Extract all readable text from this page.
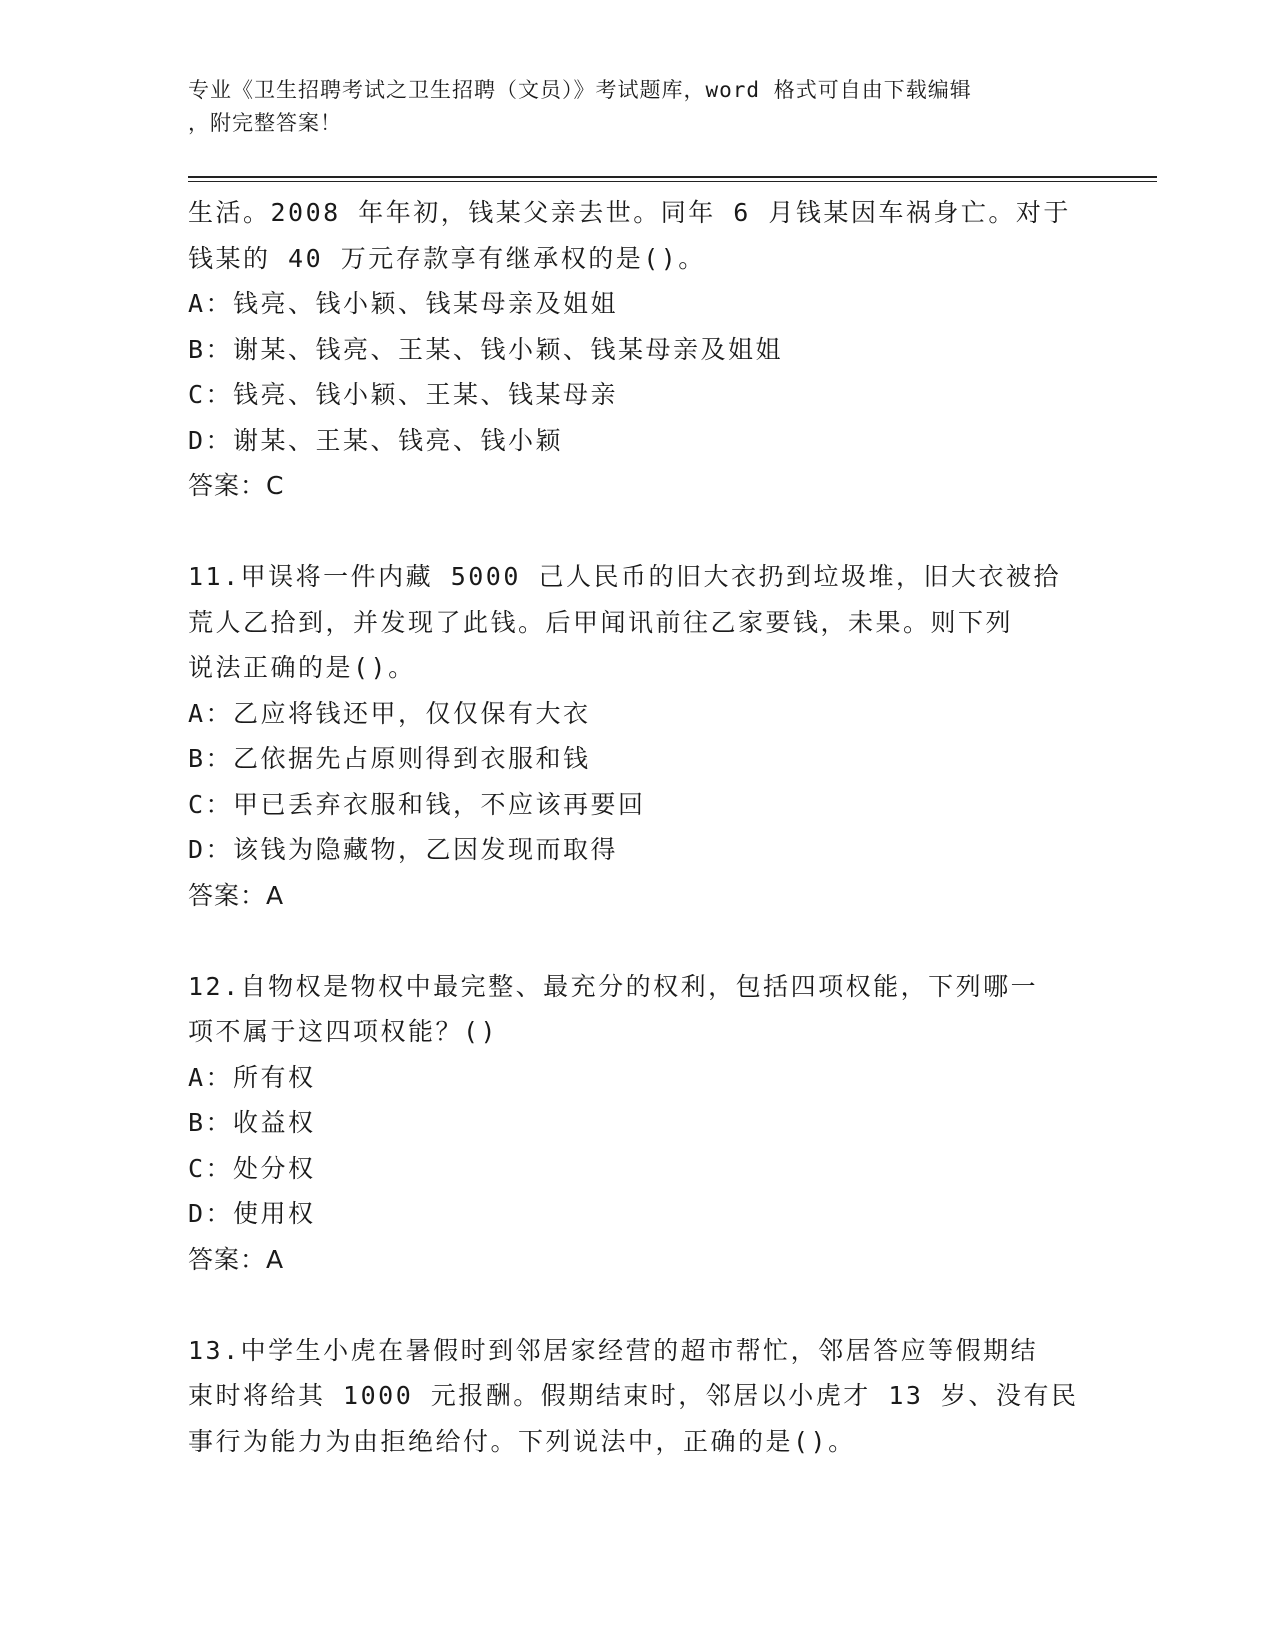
专业《卫生招聘考试之卫生招聘（文员）》考试题库，word 格式可自由下载编辑
，附完整答案！
生活。2008 年年初，钱某父亲去世。同年 6 月钱某因车祸身亡。对于
钱某的 40 万元存款享有继承权的是()。
A：钱亮、钱小颖、钱某母亲及姐姐
B：谢某、钱亮、王某、钱小颖、钱某母亲及姐姐
C：钱亮、钱小颖、王某、钱某母亲
D：谢某、王某、钱亮、钱小颖
答案：C
11.甲误将一件内藏 5000 己人民币的旧大衣扔到垃圾堆，旧大衣被拾
荒人乙拾到，并发现了此钱。后甲闻讯前往乙家要钱，未果。则下列
说法正确的是()。
A：乙应将钱还甲，仅仅保有大衣
B：乙依据先占原则得到衣服和钱
C：甲已丢弃衣服和钱，不应该再要回
D：该钱为隐藏物，乙因发现而取得
答案：A
12.自物权是物权中最完整、最充分的权利，包括四项权能，下列哪一
项不属于这四项权能？()
A：所有权
B：收益权
C：处分权
D：使用权
答案：A
13.中学生小虎在暑假时到邻居家经营的超市帮忙，邻居答应等假期结
束时将给其 1000 元报酬。假期结束时，邻居以小虎才 13 岁、没有民
事行为能力为由拒绝给付。下列说法中，正确的是()。
